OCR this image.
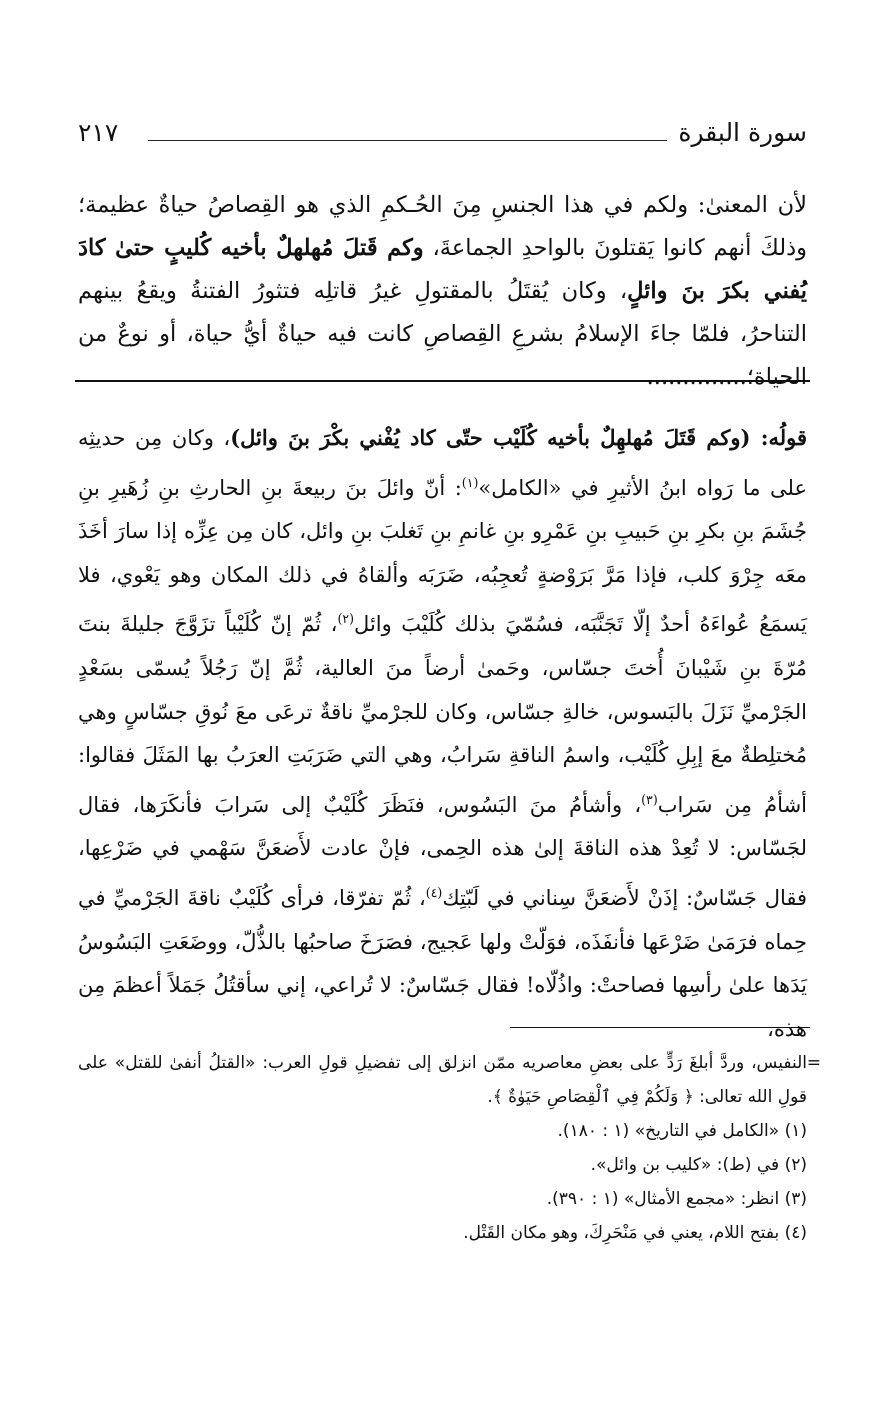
سورة البقرة
٢١٧

لأن المعنىٰ: ولكم في هذا الجنسِ مِنَ الحُـكمِ الذي هو القِصاصُ حياةٌ عظيمة؛ وذلكَ أنهم كانوا يَقتلونَ بالواحدِ الجماعةَ، وكم قَتلَ مُهلهلٌ بأخيه كُليبٍ حتىٰ كادَ يُفني بكرَ بنَ وائلٍ، وكان يُقتَلُ بالمقتولِ غيرُ قاتلِه فتثورُ الفتنةُ ويقعُ بينهم التناحرُ، فلمّا جاءَ الإسلامُ بشرعِ القِصاصِ كانت فيه حياةٌ أيُّ حياة، أو نوعٌ من الحياة؛..............

قولُه: (وكم قَتَلَ مُهلهِلٌ بأخيه كُلَيْب حتّى كاد يُفْني بكْرَ بنَ وائل)، وكان مِن حديثِه على ما رَواه ابنُ الأثيرِ في «الكامل»$^{(١)}$: أنّ وائلَ بنَ ربيعةَ بنِ الحارثِ بنِ زُهَيرِ بنِ جُشَمَ بنِ بكرِ بنِ حَبيبِ بنِ عَمْرِو بنِ غانمِ بنِ تَغلبَ بنِ وائل، كان مِن عِزِّه إذا سارَ أخَذَ معَه جِرْوَ كلب، فإذا مَرَّ بَرَوْضةٍ تُعجِبُه، ضَرَبَه وألقاهُ في ذلك المكان وهو يَعْوي، فلا يَسمَعُ عُواءَهُ أحدٌ إلّا تَجَنَّبَه، فسُمّيَ بذلك كُلَيْبَ وائل$^{(٢)}$، ثُمّ إنّ كُلَيْباً تزَوَّجَ جليلةَ بنتَ مُرّةَ بنِ شَيْبانَ أُختَ جسّاس، وحَمىٰ أرضاً منَ العالية، ثُمَّ إنّ رَجُلاً يُسمّى بسَعْدٍ الجَرْميِّ نَزَلَ بالبَسوس، خالةِ جسّاس، وكان للجرْميِّ ناقةٌ ترعَى معَ نُوقِ جسّاسٍ وهي مُختلِطةٌ معَ إبِلِ كُلَيْب، واسمُ الناقةِ سَرابُ، وهي التي ضَرَبَتِ العرَبُ بها المَثَلَ فقالوا: أشأمُ مِن سَراب$^{(٣)}$، وأشأمُ منَ البَسُوس، فنَظَرَ كُلَيْبٌ إلى سَرابَ فأنكَرَها، فقال لجَسّاس: لا تُعِدْ هذه الناقةَ إلىٰ هذه الحِمى، فإنْ عادت لأَضعَنَّ سَهْمي في ضَرْعِها، فقال جَسّاسٌ: إذَنْ لأَضعَنَّ سِناني في لَبّتِك$^{(٤)}$، ثُمّ تفرّقا، فرأى كُلَيْبٌ ناقةَ الجَرْميِّ في حِماه فرَمَىٰ ضَرْعَها فأنفَذَه، فوَلّتْ ولها عَجيج، فصَرَخَ صاحبُها بالذُّلّ، ووضَعَتِ البَسُوسُ يَدَها علىٰ رأسِها فصاحتْ: واذُلّاه! فقال جَسّاسٌ: لا تُراعي، إني سأقتُلُ جَمَلاً أعظمَ مِن هذه،

=
النفيس، وردَّ أبلغَ رَدٍّ على بعضِ معاصريه ممّن انزلق إلى تفضيلِ قولِ العرب: «القتلُ أنفىٰ للقتل» على قولِ الله تعالى: ﴿ وَلَكُمْ فِي ٱلْقِصَاصِ حَيَوٰةٌ ﴾.

(١) «الكامل في التاريخ» (١ : ١٨٠).

(٢) في (ط): «كليب بن وائل».

(٣) انظر: «مجمع الأمثال» (١ : ٣٩٠).

(٤) بفتح اللام، يعني في مَنْحَرِكَ، وهو مكان القَتْل.
